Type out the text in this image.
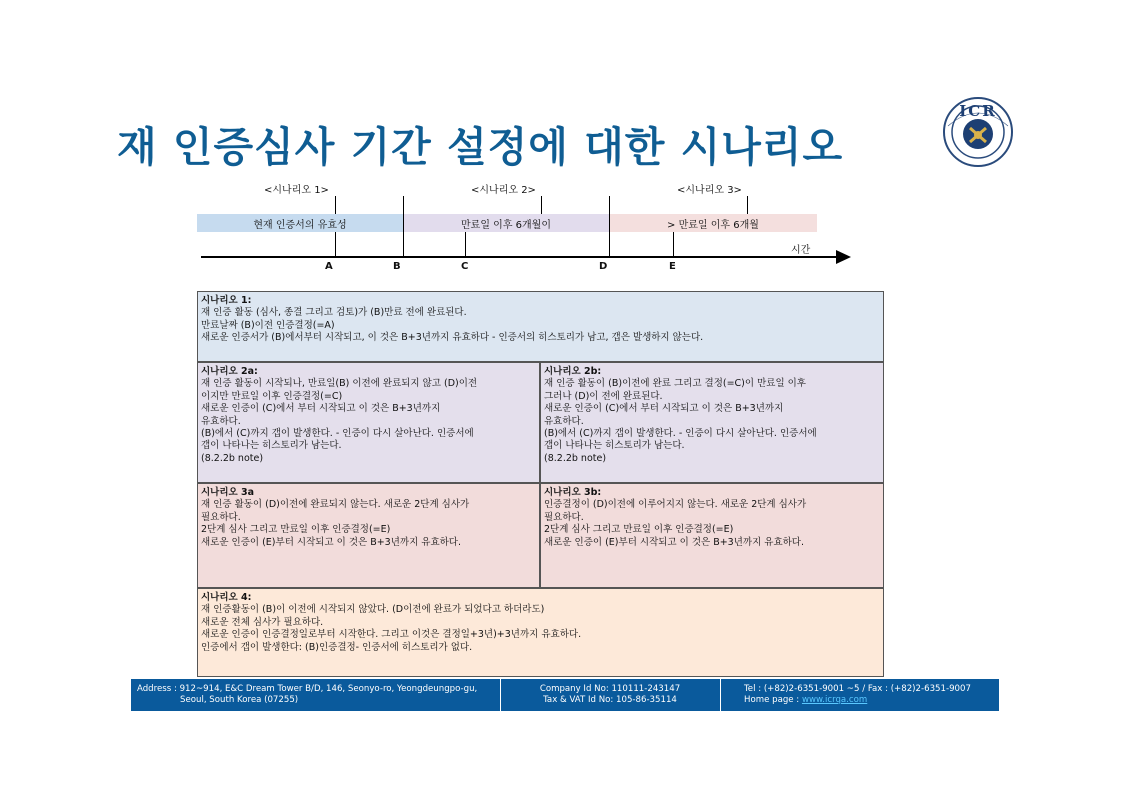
재 인증심사 기간 설정에 대한 시나리오
ICR
<시나리오 1>	<시나리오 2>	<시나리오 3>
현재 인증서의 유효성	만료일 이후 6개월이	> 만료일 이후 6개월
시간
A	B	C	D	E
시나리오 1:
재 인증 활동 (심사, 종결 그리고 검토)가 (B)만료 전에 완료된다.
만료날짜 (B)이전 인증결정(=A)
새로운 인증서가 (B)에서부터 시작되고, 이 것은 B+3년까지 유효하다 - 인증서의 히스토리가 남고, 갭은 발생하지 않는다.
시나리오 2a:
재 인증 활동이 시작되나, 만료일(B) 이전에 완료되지 않고 (D)이전
이지만 만료일 이후 인증결정(=C)
새로운 인증이 (C)에서 부터 시작되고 이 것은 B+3년까지
유효하다.
(B)에서 (C)까지 갭이 발생한다. - 인증이 다시 살아난다. 인증서에
갭이 나타나는 히스토리가 남는다.
(8.2.2b note)
시나리오 2b:
재 인증 활동이 (B)이전에 완료 그리고 결정(=C)이 만료일 이후
그러나 (D)이 전에 완료된다.
새로운 인증이 (C)에서 부터 시작되고 이 것은 B+3년까지
유효하다.
(B)에서 (C)까지 갭이 발생한다. - 인증이 다시 살아난다. 인증서에
갭이 나타나는 히스토리가 남는다.
(8.2.2b note)
시나리오 3a
재 인증 활동이 (D)이전에 완료되지 않는다. 새로운 2단계 심사가
필요하다.
2단계 심사 그리고 만료일 이후 인증결정(=E)
새로운 인증이 (E)부터 시작되고 이 것은 B+3년까지 유효하다.
시나리오 3b:
인증결정이 (D)이전에 이루어지지 않는다. 새로운 2단계 심사가
필요하다.
2단계 심사 그리고 만료일 이후 인증결정(=E)
새로운 인증이 (E)부터 시작되고 이 것은 B+3년까지 유효하다.
시나리오 4:
재 인증활동이 (B)이 이전에 시작되지 않았다. (D이전에 완료가 되었다고 하더라도)
새로운 전체 심사가 필요하다.
새로운 인증이 인증결정일로부터 시작한다. 그리고 이것은 결정일+3년)+3년까지 유효하다.
인증에서 갭이 발생한다: (B)인증결정- 인증서에 히스토리가 없다.
Address : 912~914, E&C Dream Tower B/D, 146, Seonyo-ro, Yeongdeungpo-gu,
Seoul, South Korea (07255)
Company Id No: 110111-243147
Tax & VAT Id No: 105-86-35114
Tel : (+82)2-6351-9001 ~5 / Fax : (+82)2-6351-9007
Home page : www.icrqa.com
